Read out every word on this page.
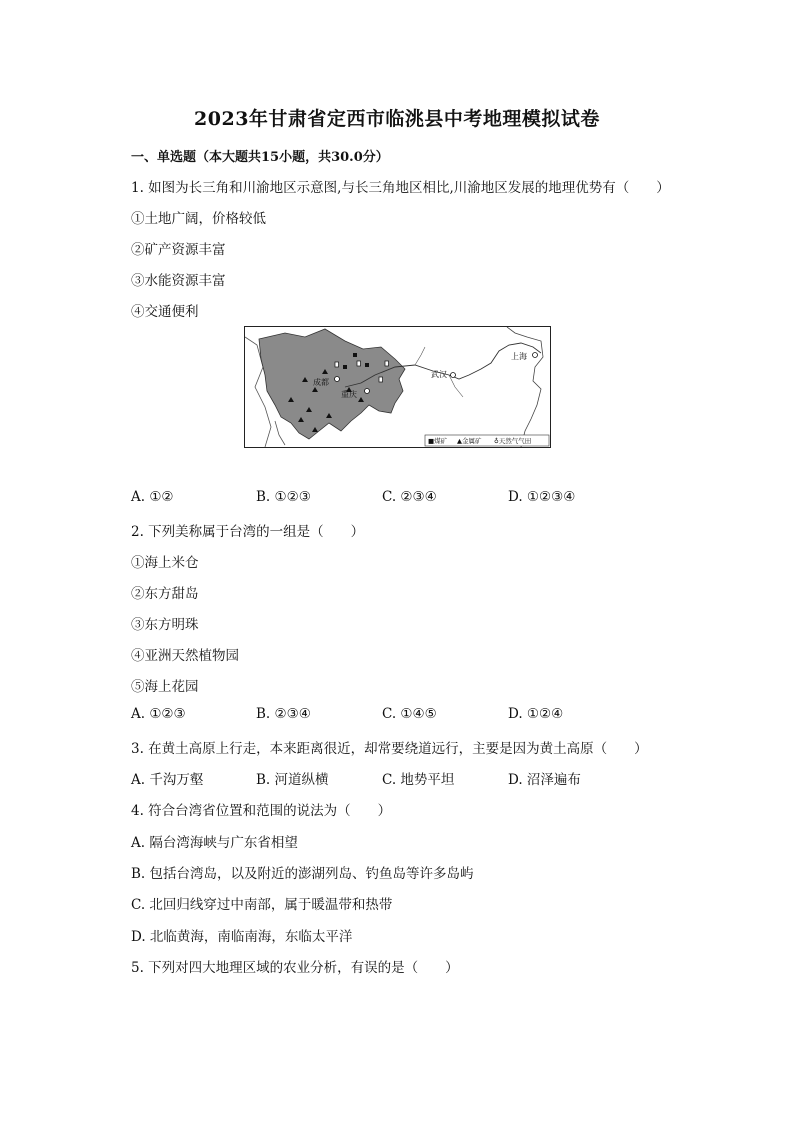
2023年甘肃省定西市临洮县中考地理模拟试卷
一、单选题（本大题共15小题，共30.0分）
1. 如图为长三角和川渝地区示意图,与长三角地区相比,川渝地区发展的地理优势有（　　）
①土地广阔，价格较低
②矿产资源丰富
③水能资源丰富
④交通便利
成都
重庆
武汉
上海
■煤矿 ▲金属矿 ♁天然气气田
A. ①②	B. ①②③	C. ②③④	D. ①②③④
2. 下列美称属于台湾的一组是（　　）
①海上米仓
②东方甜岛
③东方明珠
④亚洲天然植物园
⑤海上花园
A. ①②③	B. ②③④	C. ①④⑤	D. ①②④
3. 在黄土高原上行走，本来距离很近，却常要绕道远行，主要是因为黄土高原（　　）
A. 千沟万壑	B. 河道纵横	C. 地势平坦	D. 沼泽遍布
4. 符合台湾省位置和范围的说法为（　　）
A. 隔台湾海峡与广东省相望
B. 包括台湾岛，以及附近的澎湖列岛、钓鱼岛等许多岛屿
C. 北回归线穿过中南部，属于暖温带和热带
D. 北临黄海，南临南海，东临太平洋
5. 下列对四大地理区域的农业分析，有误的是（　　）
